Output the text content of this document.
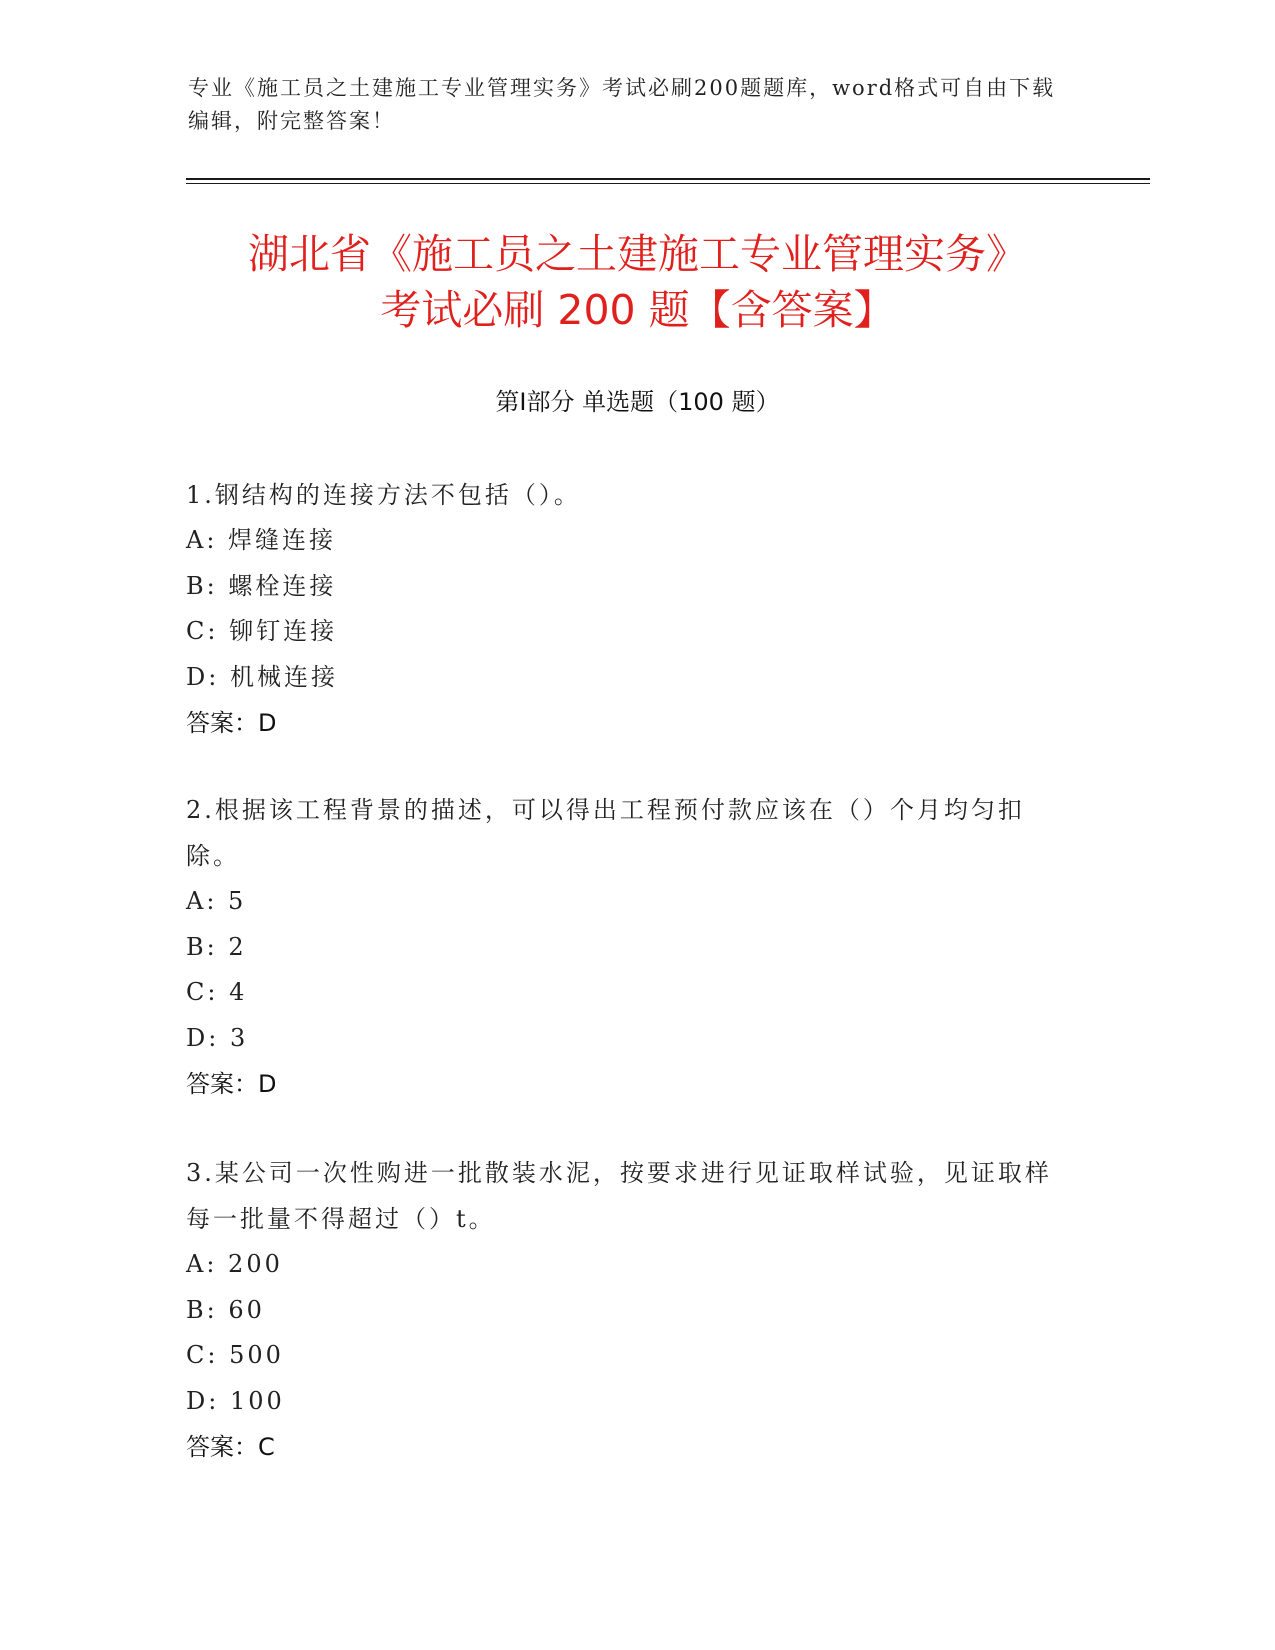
专业《施工员之土建施工专业管理实务》考试必刷200题题库，word格式可自由下载编辑，附完整答案！
湖北省《施工员之土建施工专业管理实务》
考试必刷 200 题【含答案】
第Ⅰ部分 单选题（100 题）

1.钢结构的连接方法不包括（）。

A: 焊缝连接

B: 螺栓连接

C: 铆钉连接

D: 机械连接

答案：D

2.根据该工程背景的描述，可以得出工程预付款应该在（）个月均匀扣除。

A: 5

B: 2

C: 4

D: 3

答案：D

3.某公司一次性购进一批散装水泥，按要求进行见证取样试验，见证取样每一批量不得超过（）t。

A: 200

B: 60

C: 500

D: 100

答案：C
